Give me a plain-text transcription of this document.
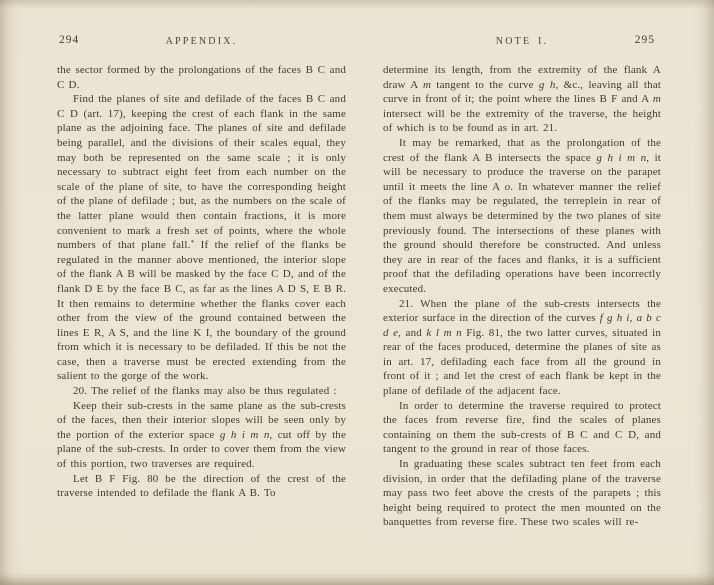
294	APPENDIX.

the sector formed by the prolongations of the faces B C and C D.

Find the planes of site and defilade of the faces B C and C D (art. 17), keeping the crest of each flank in the same plane as the adjoining face. The planes of site and defilade being parallel, and the divisions of their scales equal, they may both be represented on the same scale ; it is only necessary to subtract eight feet from each number on the scale of the plane of site, to have the corresponding height of the plane of defilade ; but, as the numbers on the scale of the latter plane would then contain fractions, it is more convenient to mark a fresh set of points, where the whole numbers of that plane fall.* If the relief of the flanks be regulated in the manner above mentioned, the interior slope of the flank A B will be masked by the face C D, and of the flank D E by the face B C, as far as the lines A D S, E B R. It then remains to determine whether the flanks cover each other from the view of the ground contained between the lines E R, A S, and the line K I, the boundary of the ground from which it is necessary to be defiladed. If this be not the case, then a traverse must be erected extending from the salient to the gorge of the work.

20. The relief of the flanks may also be thus regulated :

Keep their sub-crests in the same plane as the sub-crests of the faces, then their interior slopes will be seen only by the portion of the exterior space g h i m n, cut off by the plane of the sub-crests. In order to cover them from the view of this portion, two traverses are required.

Let B F Fig. 80 be the direction of the crest of the traverse intended to defilade the flank A B. To

NOTE I.	295

determine its length, from the extremity of the flank A draw A m tangent to the curve g h, &c., leaving all that curve in front of it; the point where the lines B F and A m intersect will be the extremity of the traverse, the height of which is to be found as in art. 21.

It may be remarked, that as the prolongation of the crest of the flank A B intersects the space g h i m n, it will be necessary to produce the traverse on the parapet until it meets the line A o. In whatever manner the relief of the flanks may be regulated, the terreplein in rear of them must always be determined by the two planes of site previously found. The intersections of these planes with the ground should therefore be constructed. And unless they are in rear of the faces and flanks, it is a sufficient proof that the defilading operations have been incorrectly executed.

21. When the plane of the sub-crests intersects the exterior surface in the direction of the curves f g h i, a b c d e, and k l m n Fig. 81, the two latter curves, situated in rear of the faces produced, determine the planes of site as in art. 17, defilading each face from all the ground in front of it ; and let the crest of each flank be kept in the plane of defilade of the adjacent face.

In order to determine the traverse required to protect the faces from reverse fire, find the scales of planes containing on them the sub-crests of B C and C D, and tangent to the ground in rear of those faces.

In graduating these scales subtract ten feet from each division, in order that the defilading plane of the traverse may pass two feet above the crests of the parapets ; this height being required to protect the men mounted on the banquettes from reverse fire. These two scales will re-
